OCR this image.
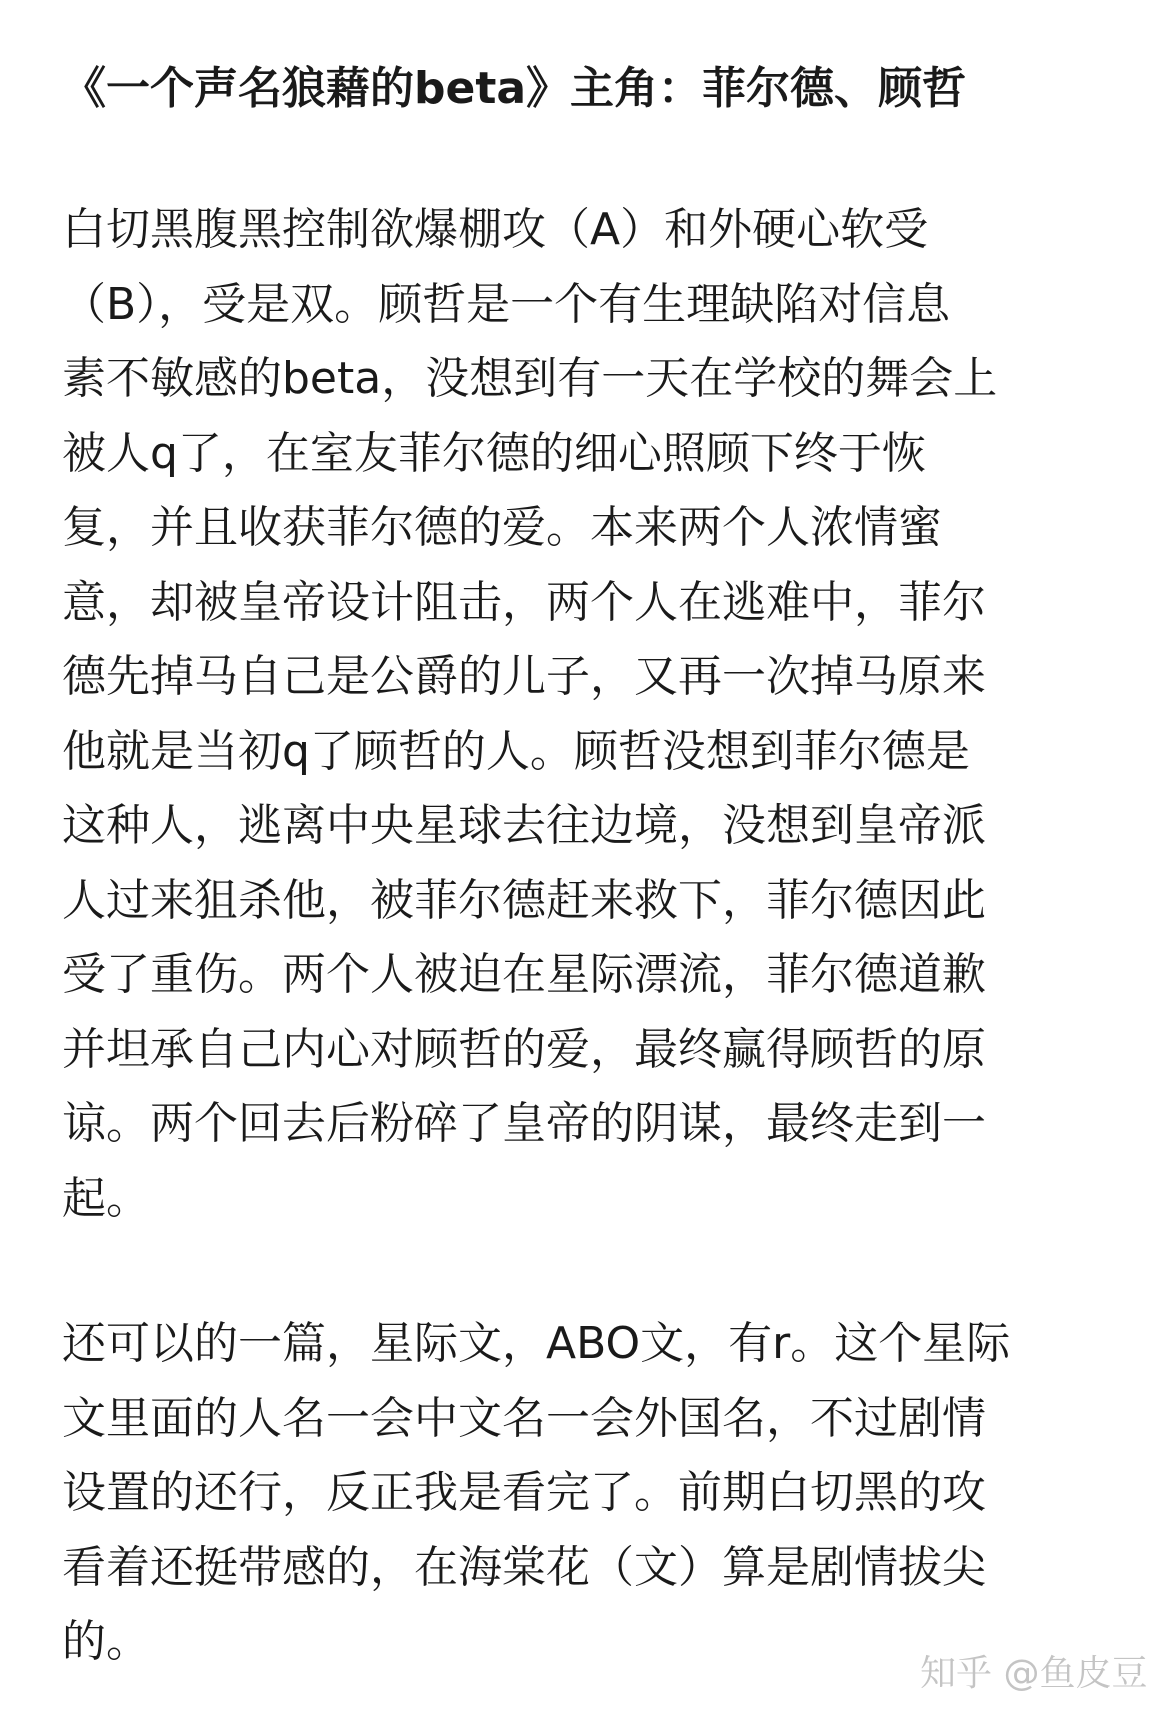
《一个声名狼藉的beta》主角：菲尔德、顾哲
白切黑腹黑控制欲爆棚攻（A）和外硬心软受
（B），受是双。顾哲是一个有生理缺陷对信息
素不敏感的beta，没想到有一天在学校的舞会上
被人q了，在室友菲尔德的细心照顾下终于恢
复，并且收获菲尔德的爱。本来两个人浓情蜜
意，却被皇帝设计阻击，两个人在逃难中，菲尔
德先掉马自己是公爵的儿子，又再一次掉马原来
他就是当初q了顾哲的人。顾哲没想到菲尔德是
这种人，逃离中央星球去往边境，没想到皇帝派
人过来狙杀他，被菲尔德赶来救下，菲尔德因此
受了重伤。两个人被迫在星际漂流，菲尔德道歉
并坦承自己内心对顾哲的爱，最终赢得顾哲的原
谅。两个回去后粉碎了皇帝的阴谋，最终走到一
起。
还可以的一篇，星际文，ABO文，有r。这个星际
文里面的人名一会中文名一会外国名，不过剧情
设置的还行，反正我是看完了。前期白切黑的攻
看着还挺带感的，在海棠花（文）算是剧情拔尖
的。
知乎 @鱼皮豆
